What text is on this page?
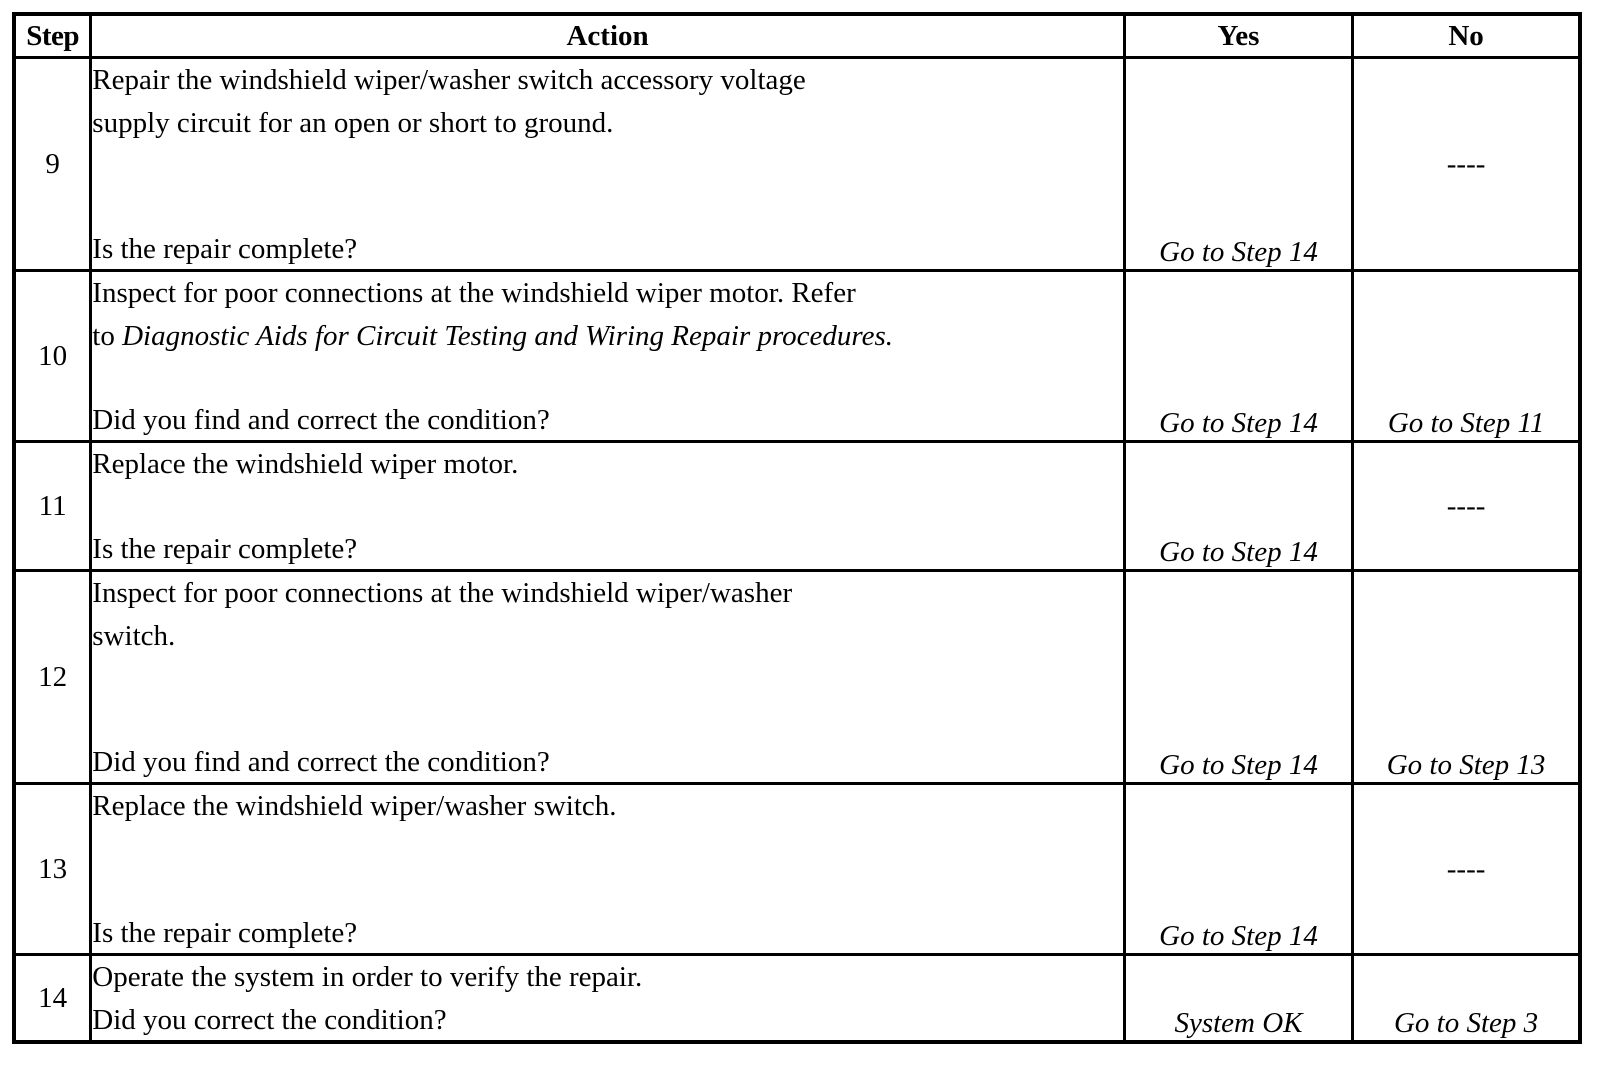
Step	Action	Yes	No
9	Repair the windshield wiper/washer switch accessory voltage
supply circuit for an open or short to ground.
Is the repair complete?	Go to Step 14	----
10	Inspect for poor connections at the windshield wiper motor. Refer
to Diagnostic Aids for Circuit Testing and Wiring Repair procedures.
Did you find and correct the condition?	Go to Step 14	Go to Step 11
11	Replace the windshield wiper motor.
Is the repair complete?	Go to Step 14	----
12	Inspect for poor connections at the windshield wiper/washer
switch.
Did you find and correct the condition?	Go to Step 14	Go to Step 13
13	Replace the windshield wiper/washer switch.
Is the repair complete?	Go to Step 14	----
14	Operate the system in order to verify the repair.
Did you correct the condition?	System OK	Go to Step 3
